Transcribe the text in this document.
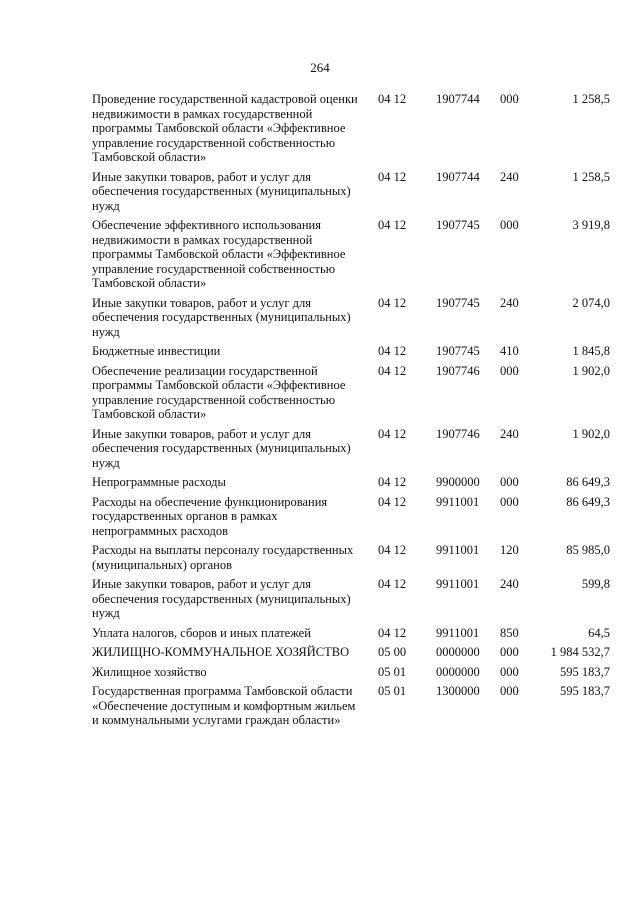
264
Проведение государственной кадастровой оценки недвижимости в рамках государственной программы Тамбовской области «Эффективное управление государственной собственностью Тамбовской области»	04 12	1907744	000	1 258,5
Иные закупки товаров, работ и услуг для обеспечения государственных (муниципальных) нужд	04 12	1907744	240	1 258,5
Обеспечение эффективного использования недвижимости в рамках государственной программы Тамбовской области «Эффективное управление государственной собственностью Тамбовской области»	04 12	1907745	000	3 919,8
Иные закупки товаров, работ и услуг для обеспечения государственных (муниципальных) нужд	04 12	1907745	240	2 074,0
Бюджетные инвестиции	04 12	1907745	410	1 845,8
Обеспечение реализации государственной программы Тамбовской области «Эффективное управление государственной собственностью Тамбовской области»	04 12	1907746	000	1 902,0
Иные закупки товаров, работ и услуг для обеспечения государственных (муниципальных) нужд	04 12	1907746	240	1 902,0
Непрограммные расходы	04 12	9900000	000	86 649,3
Расходы на обеспечение функционирования государственных органов в рамках непрограммных расходов	04 12	9911001	000	86 649,3
Расходы на выплаты персоналу государственных (муниципальных) органов	04 12	9911001	120	85 985,0
Иные закупки товаров, работ и услуг для обеспечения государственных (муниципальных) нужд	04 12	9911001	240	599,8
Уплата налогов, сборов и иных платежей	04 12	9911001	850	64,5
ЖИЛИЩНО-КОММУНАЛЬНОЕ ХОЗЯЙСТВО	05 00	0000000	000	1 984 532,7
Жилищное хозяйство	05 01	0000000	000	595 183,7
Государственная программа Тамбовской области «Обеспечение доступным и комфортным жильем и коммунальными услугами граждан области»	05 01	1300000	000	595 183,7
